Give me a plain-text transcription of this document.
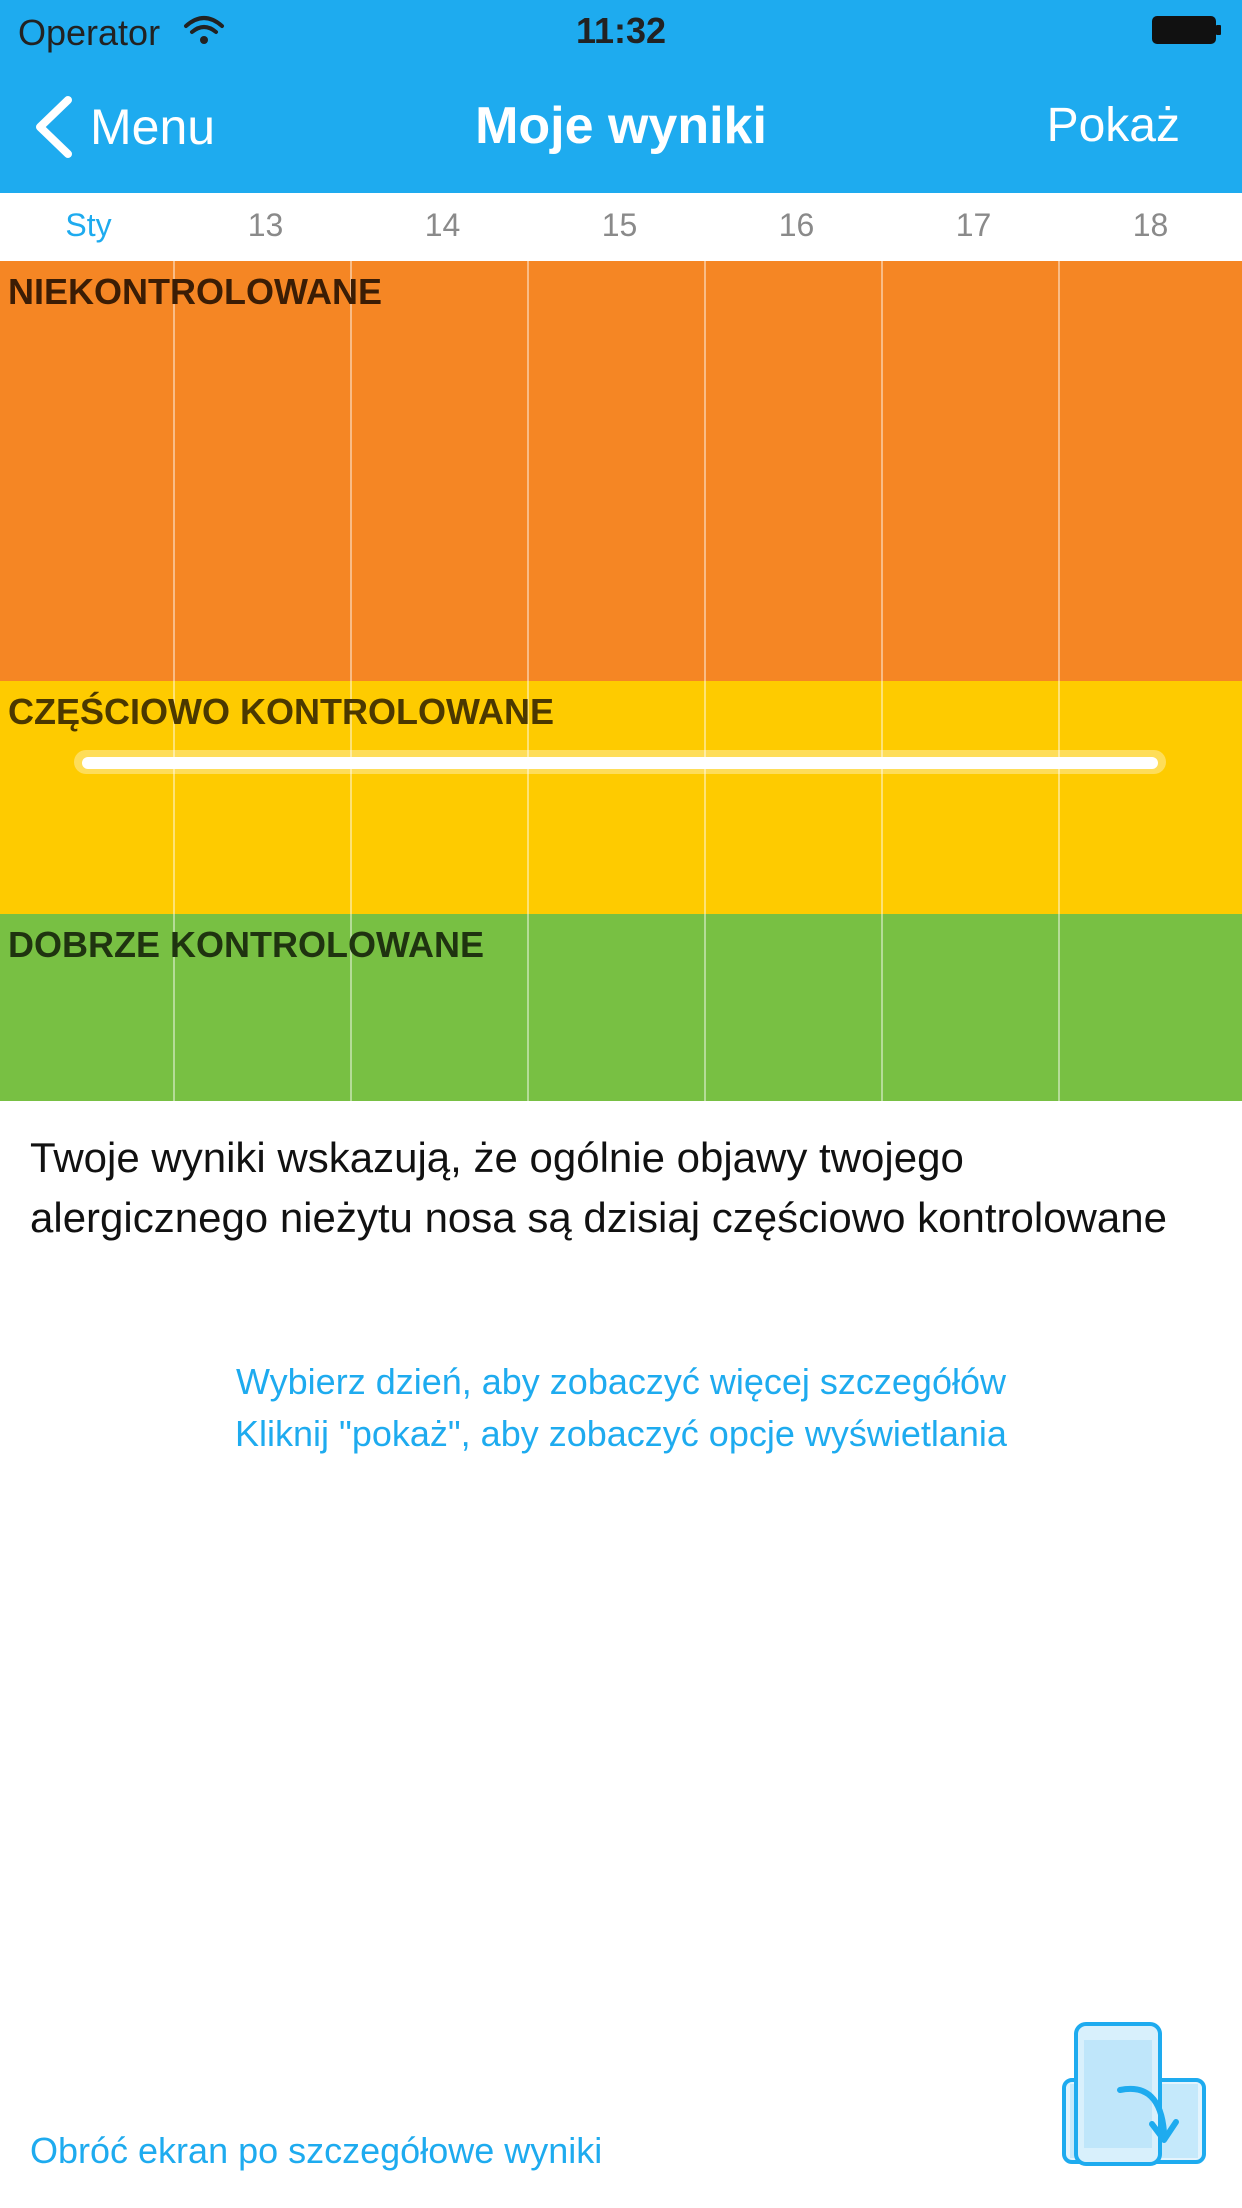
Operator	11:32
Menu	Moje wyniki	Pokaż
Sty	13	14	15	16	17	18
NIEKONTROLOWANE
CZĘŚCIOWO KONTROLOWANE
DOBRZE KONTROLOWANE
Twoje wyniki wskazują, że ogólnie objawy twojego alergicznego nieżytu nosa są dzisiaj częściowo kontrolowane
Wybierz dzień, aby zobaczyć więcej szczegółów
Kliknij "pokaż", aby zobaczyć opcje wyświetlania
Obróć ekran po szczegółowe wyniki
